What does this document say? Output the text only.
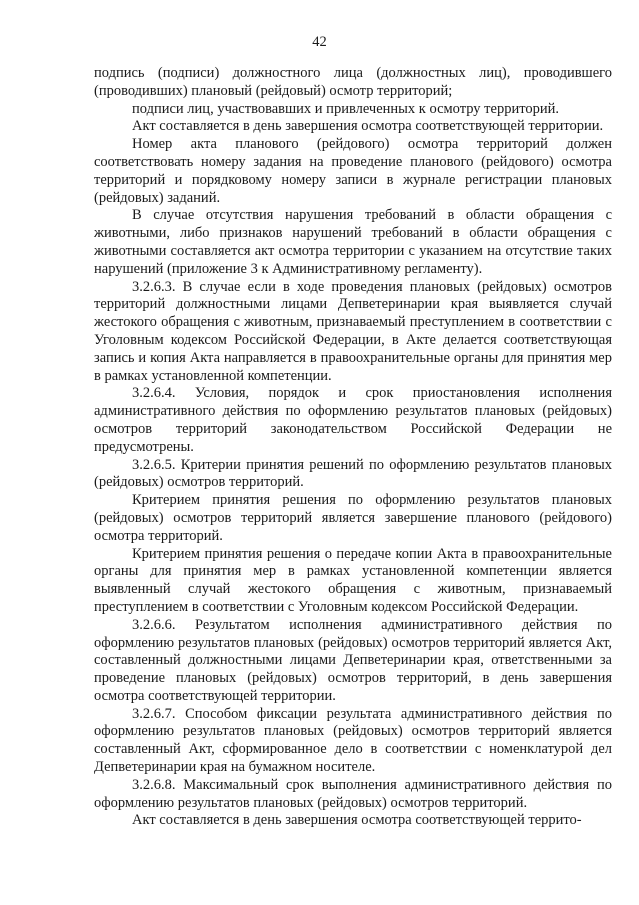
42

подпись (подписи) должностного лица (должностных лиц), проводившего (проводивших) плановый (рейдовый) осмотр территорий;

подписи лиц, участвовавших и привлеченных к осмотру территорий.

Акт составляется в день завершения осмотра соответствующей территории.

Номер акта планового (рейдового) осмотра территорий должен соответствовать номеру задания на проведение планового (рейдового) осмотра территорий и порядковому номеру записи в журнале регистрации плановых (рейдовых) заданий.

В случае отсутствия нарушения требований в области обращения с животными, либо признаков нарушений требований в области обращения с животными составляется акт осмотра территории с указанием на отсутствие таких нарушений (приложение 3 к Административному регламенту).

3.2.6.3. В случае если в ходе проведения плановых (рейдовых) осмотров территорий должностными лицами Депветеринарии края выявляется случай жестокого обращения с животным, признаваемый преступлением в соответствии с Уголовным кодексом Российской Федерации, в Акте делается соответствующая запись и копия Акта направляется в правоохранительные органы для принятия мер в рамках установленной компетенции.

3.2.6.4. Условия, порядок и срок приостановления исполнения административного действия по оформлению результатов плановых (рейдовых) осмотров территорий законодательством Российской Федерации не предусмотрены.

3.2.6.5. Критерии принятия решений по оформлению результатов плановых (рейдовых) осмотров территорий.

Критерием принятия решения по оформлению результатов плановых (рейдовых) осмотров территорий является завершение планового (рейдового) осмотра территорий.

Критерием принятия решения о передаче копии Акта в правоохранительные органы для принятия мер в рамках установленной компетенции является выявленный случай жестокого обращения с животным, признаваемый преступлением в соответствии с Уголовным кодексом Российской Федерации.

3.2.6.6. Результатом исполнения административного действия по оформлению результатов плановых (рейдовых) осмотров территорий является Акт, составленный должностными лицами Депветеринарии края, ответственными за проведение плановых (рейдовых) осмотров территорий, в день завершения осмотра соответствующей территории.

3.2.6.7. Способом фиксации результата административного действия по оформлению результатов плановых (рейдовых) осмотров территорий является составленный Акт, сформированное дело в соответствии с номенклатурой дел Депветеринарии края на бумажном носителе.

3.2.6.8. Максимальный срок выполнения административного действия по оформлению результатов плановых (рейдовых) осмотров территорий.

Акт составляется в день завершения осмотра соответствующей террито-
